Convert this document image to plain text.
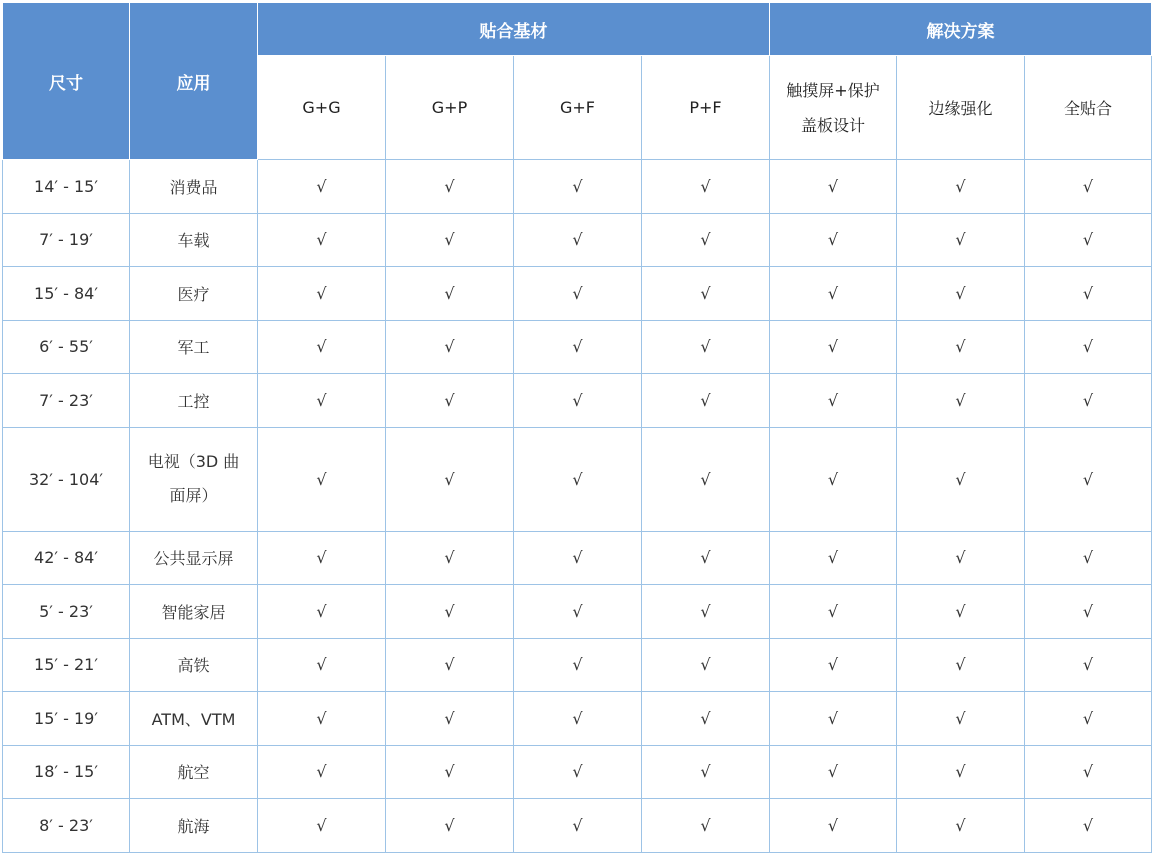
尺寸	应用	贴合基材				解决方案		
		G+G	G+P	G+F	P+F	触摸屏+保护
盖板设计	边缘强化	全贴合
14′ - 15′	消费品	√	√	√	√	√	√	√
7′ - 19′	车载	√	√	√	√	√	√	√
15′ - 84′	医疗	√	√	√	√	√	√	√
6′ - 55′	军工	√	√	√	√	√	√	√
7′ - 23′	工控	√	√	√	√	√	√	√
32′ - 104′	电视（3D 曲
面屏）	√	√	√	√	√	√	√
42′ - 84′	公共显示屏	√	√	√	√	√	√	√
5′ - 23′	智能家居	√	√	√	√	√	√	√
15′ - 21′	高铁	√	√	√	√	√	√	√
15′ - 19′	ATM、VTM	√	√	√	√	√	√	√
18′ - 15′	航空	√	√	√	√	√	√	√
8′ - 23′	航海	√	√	√	√	√	√	√
